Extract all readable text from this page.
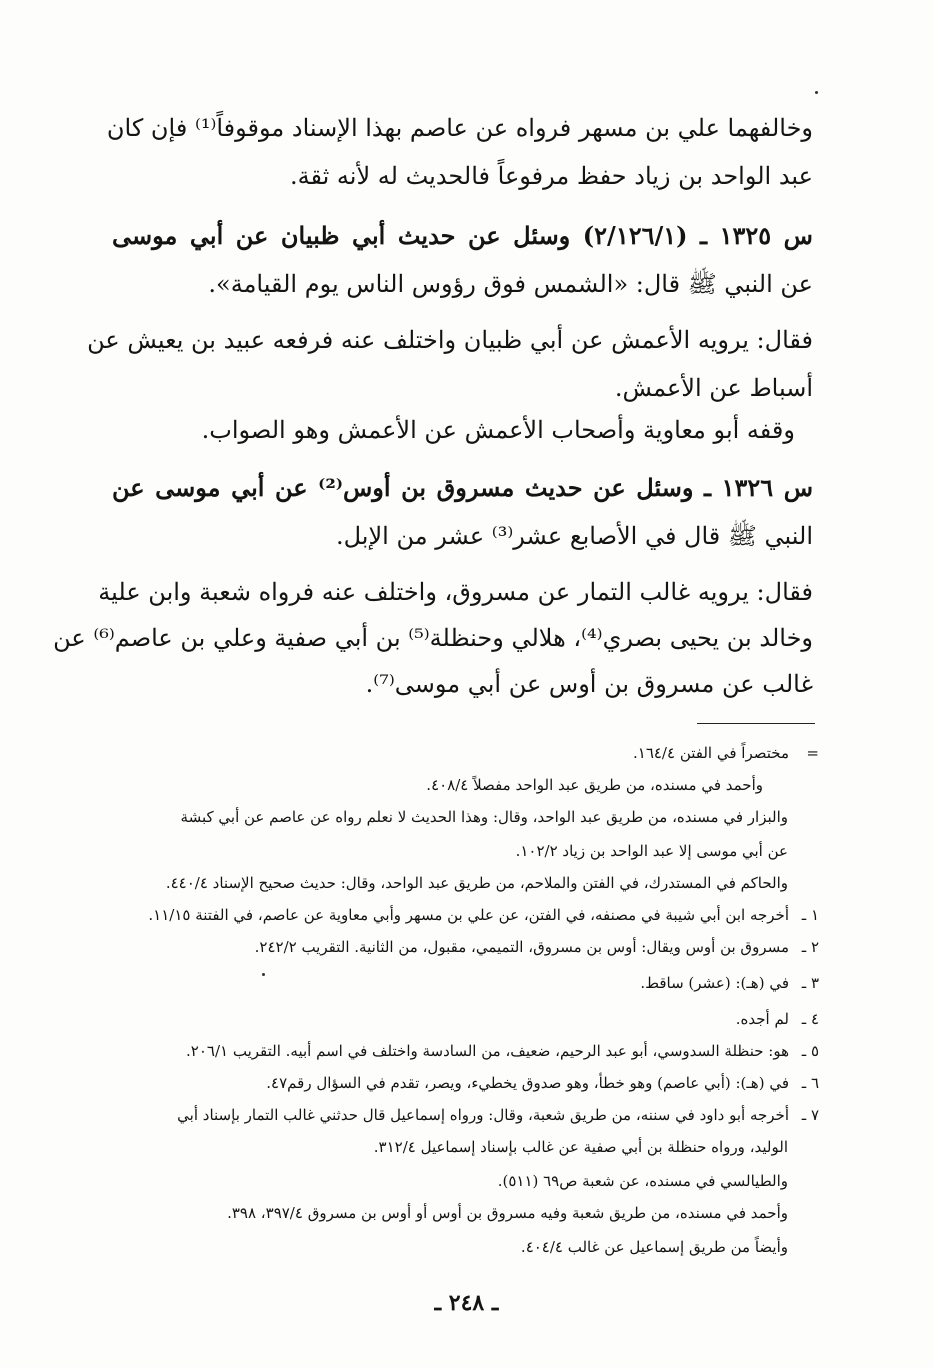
وخالفهما علي بن مسهر فرواه عن عاصم بهذا الإسناد موقوفاً⁽¹⁾ فإن كان
عبد الواحد بن زياد حفظ مرفوعاً فالحديث له لأنه ثقة.
س ١٣٢٥ ـ (٢/١٢٦/١) وسئل عن حديث أبي ظبيان عن أبي موسى
عن النبي ﷺ قال: «الشمس فوق رؤوس الناس يوم القيامة».
فقال: يرويه الأعمش عن أبي ظبيان واختلف عنه فرفعه عبيد بن يعيش عن
أسباط عن الأعمش.
وقفه أبو معاوية وأصحاب الأعمش عن الأعمش وهو الصواب.
س ١٣٢٦ ـ وسئل عن حديث مسروق بن أوس⁽²⁾ عن أبي موسى عن
النبي ﷺ قال في الأصابع عشر⁽³⁾ عشر من الإبل.
فقال: يرويه غالب التمار عن مسروق، واختلف عنه فرواه شعبة وابن علية
وخالد بن يحيى بصري⁽⁴⁾، هلالي وحنظلة⁽⁵⁾ بن أبي صفية وعلي بن عاصم⁽⁶⁾ عن
غالب عن مسروق بن أوس عن أبي موسى⁽⁷⁾.
=مختصراً في الفتن ١٦٤/٤.
وأحمد في مسنده، من طريق عبد الواحد مفصلاً ٤٠٨/٤.
والبزار في مسنده، من طريق عبد الواحد، وقال: وهذا الحديث لا نعلم رواه عن عاصم عن أبي كبشة
عن أبي موسى إلا عبد الواحد بن زياد ١٠٢/٢.
والحاكم في المستدرك، في الفتن والملاحم، من طريق عبد الواحد، وقال: حديث صحيح الإسناد ٤٤٠/٤.
١ ـأخرجه ابن أبي شيبة في مصنفه، في الفتن، عن علي بن مسهر وأبي معاوية عن عاصم، في الفتنة ١١/١٥.
٢ ـمسروق بن أوس ويقال: أوس بن مسروق، التميمي، مقبول، من الثانية. التقريب ٢٤٢/٢.
٣ ـفي (هـ): (عشر) ساقط.
٤ ـلم أجده.
٥ ـهو: حنظلة السدوسي، أبو عبد الرحيم، ضعيف، من السادسة واختلف في اسم أبيه. التقريب ٢٠٦/١.
٦ ـفي (هـ): (أبي عاصم) وهو خطأ، وهو صدوق يخطيء، ويصر، تقدم في السؤال رقم٤٧.
٧ ـأخرجه أبو داود في سننه، من طريق شعبة، وقال: ورواه إسماعيل قال حدثني غالب التمار بإسناد أبي
الوليد، ورواه حنظلة بن أبي صفية عن غالب بإسناد إسماعيل ٣١٢/٤.
والطيالسي في مسنده، عن شعبة ص٦٩ (٥١١).
وأحمد في مسنده، من طريق شعبة وفيه مسروق بن أوس أو أوس بن مسروق ٣٩٧/٤، ٣٩٨.
وأيضاً من طريق إسماعيل عن غالب ٤٠٤/٤.
ـ ٢٤٨ ـ
